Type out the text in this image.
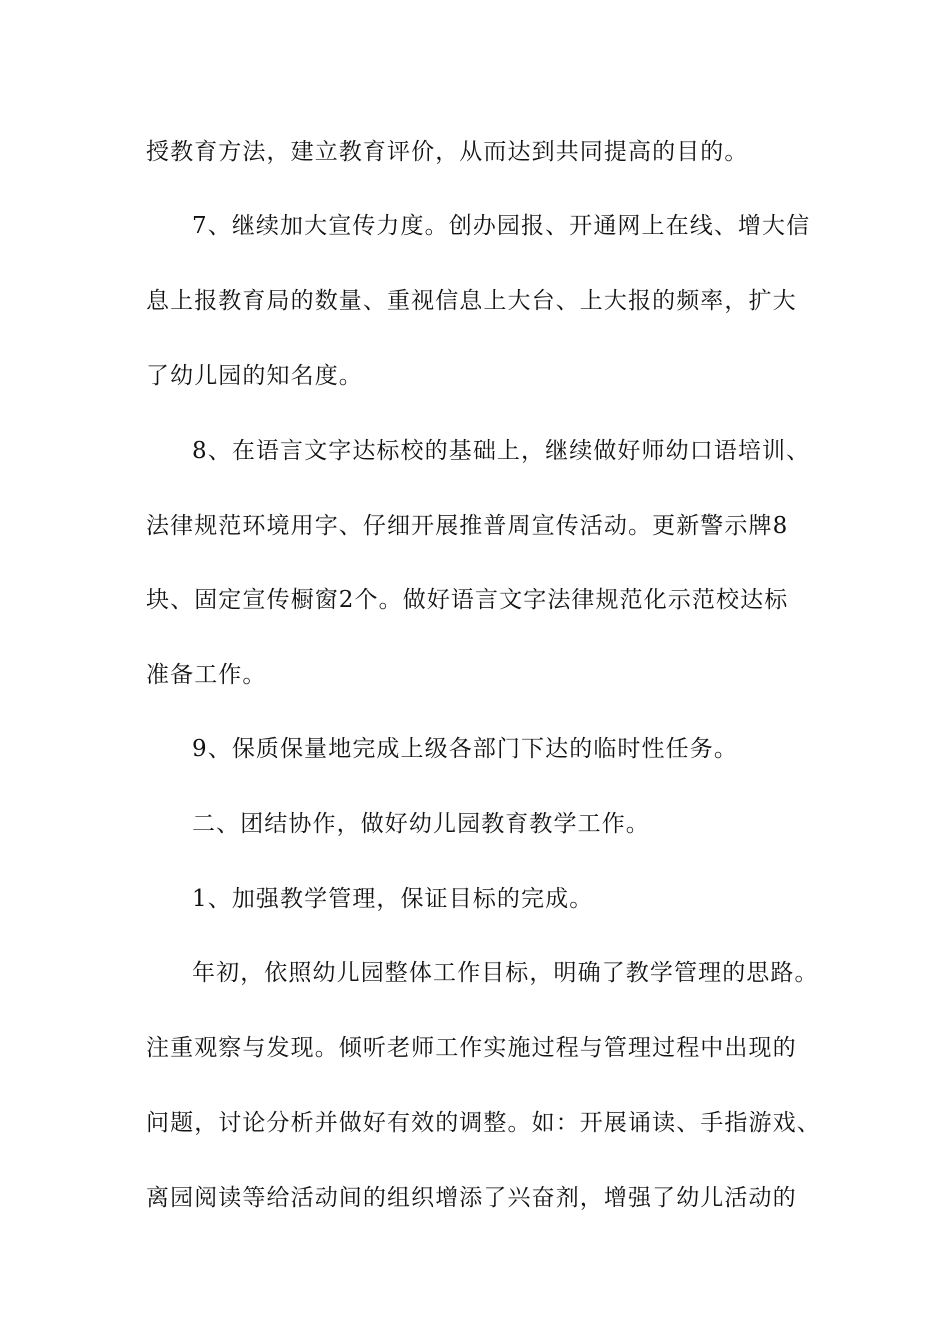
授教育方法，建立教育评价，从而达到共同提高的目的。
7、继续加大宣传力度。创办园报、开通网上在线、增大信
息上报教育局的数量、重视信息上大台、上大报的频率，扩大
了幼儿园的知名度。
8、在语言文字达标校的基础上，继续做好师幼口语培训、
法律规范环境用字、仔细开展推普周宣传活动。更新警示牌8
块、固定宣传橱窗2个。做好语言文字法律规范化示范校达标
准备工作。
9、保质保量地完成上级各部门下达的临时性任务。
二、团结协作，做好幼儿园教育教学工作。
1、加强教学管理，保证目标的完成。
年初，依照幼儿园整体工作目标，明确了教学管理的思路。
注重观察与发现。倾听老师工作实施过程与管理过程中出现的
问题，讨论分析并做好有效的调整。如：开展诵读、手指游戏、
离园阅读等给活动间的组织增添了兴奋剂，增强了幼儿活动的
